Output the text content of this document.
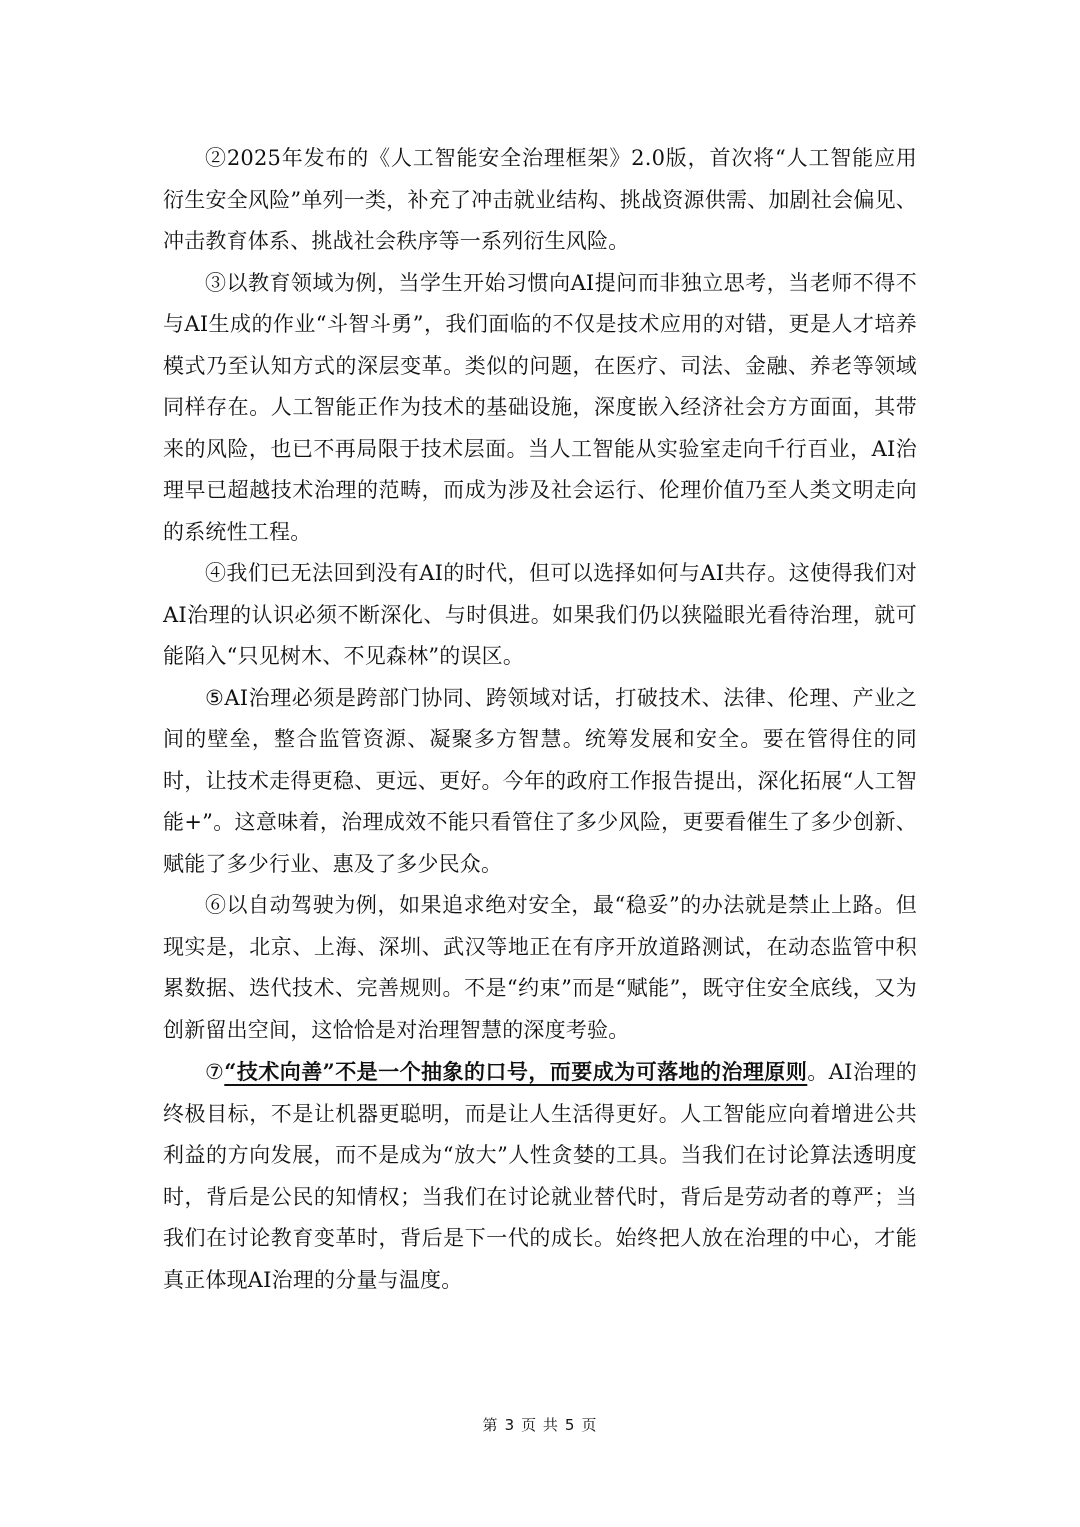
②2025年发布的《人工智能安全治理框架》2.0版，首次将“人工智能应用衍生安全风险”单列一类，补充了冲击就业结构、挑战资源供需、加剧社会偏见、冲击教育体系、挑战社会秩序等一系列衍生风险。

③以教育领域为例，当学生开始习惯向AI提问而非独立思考，当老师不得不与AI生成的作业“斗智斗勇”，我们面临的不仅是技术应用的对错，更是人才培养模式乃至认知方式的深层变革。类似的问题，在医疗、司法、金融、养老等领域同样存在。人工智能正作为技术的基础设施，深度嵌入经济社会方方面面，其带来的风险，也已不再局限于技术层面。当人工智能从实验室走向千行百业，AI治理早已超越技术治理的范畴，而成为涉及社会运行、伦理价值乃至人类文明走向的系统性工程。

④我们已无法回到没有AI的时代，但可以选择如何与AI共存。这使得我们对AI治理的认识必须不断深化、与时俱进。如果我们仍以狭隘眼光看待治理，就可能陷入“只见树木、不见森林”的误区。

⑤AI治理必须是跨部门协同、跨领域对话，打破技术、法律、伦理、产业之间的壁垒，整合监管资源、凝聚多方智慧。统筹发展和安全。要在管得住的同时，让技术走得更稳、更远、更好。今年的政府工作报告提出，深化拓展“人工智能+”。这意味着，治理成效不能只看管住了多少风险，更要看催生了多少创新、赋能了多少行业、惠及了多少民众。

⑥以自动驾驶为例，如果追求绝对安全，最“稳妥”的办法就是禁止上路。但现实是，北京、上海、深圳、武汉等地正在有序开放道路测试，在动态监管中积累数据、迭代技术、完善规则。不是“约束”而是“赋能”，既守住安全底线，又为创新留出空间，这恰恰是对治理智慧的深度考验。

⑦“技术向善”不是一个抽象的口号，而要成为可落地的治理原则。AI治理的终极目标，不是让机器更聪明，而是让人生活得更好。人工智能应向着增进公共利益的方向发展，而不是成为“放大”人性贪婪的工具。当我们在讨论算法透明度时，背后是公民的知情权；当我们在讨论就业替代时，背后是劳动者的尊严；当我们在讨论教育变革时，背后是下一代的成长。始终把人放在治理的中心，才能真正体现AI治理的分量与温度。

第 3 页 共 5 页
